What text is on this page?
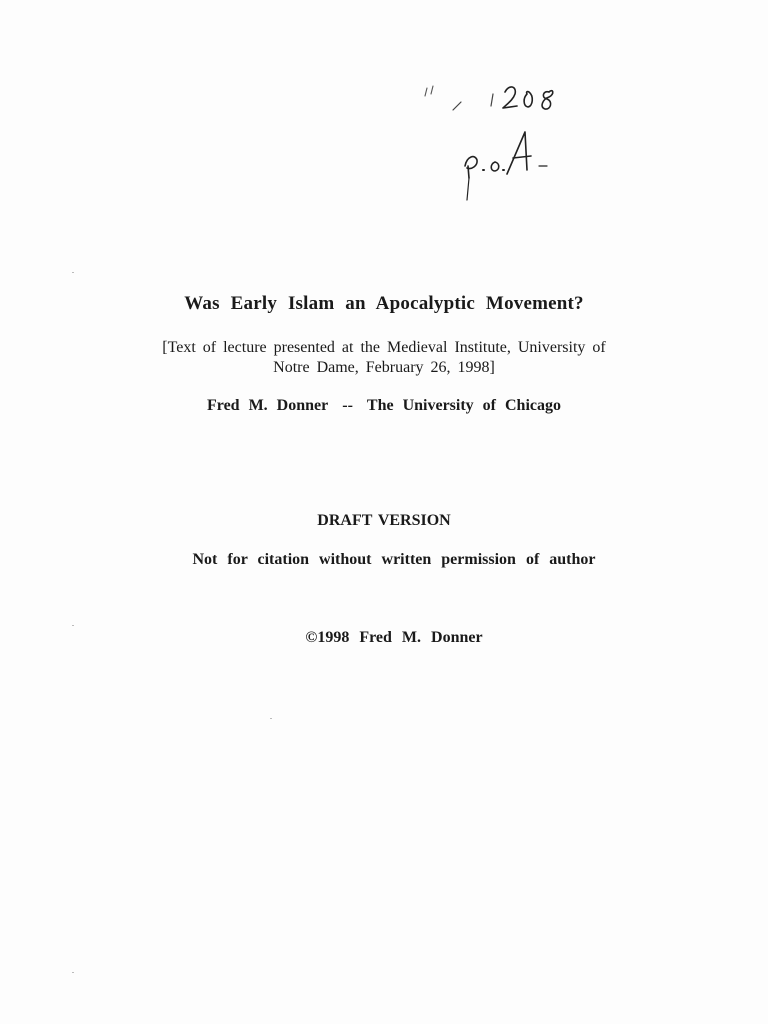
Was Early Islam an Apocalyptic Movement?
[Text of lecture presented at the Medieval Institute, University of
Notre Dame, February 26, 1998]
Fred M. Donner -- The University of Chicago
DRAFT VERSION
Not for citation without written permission of author
©1998 Fred M. Donner
